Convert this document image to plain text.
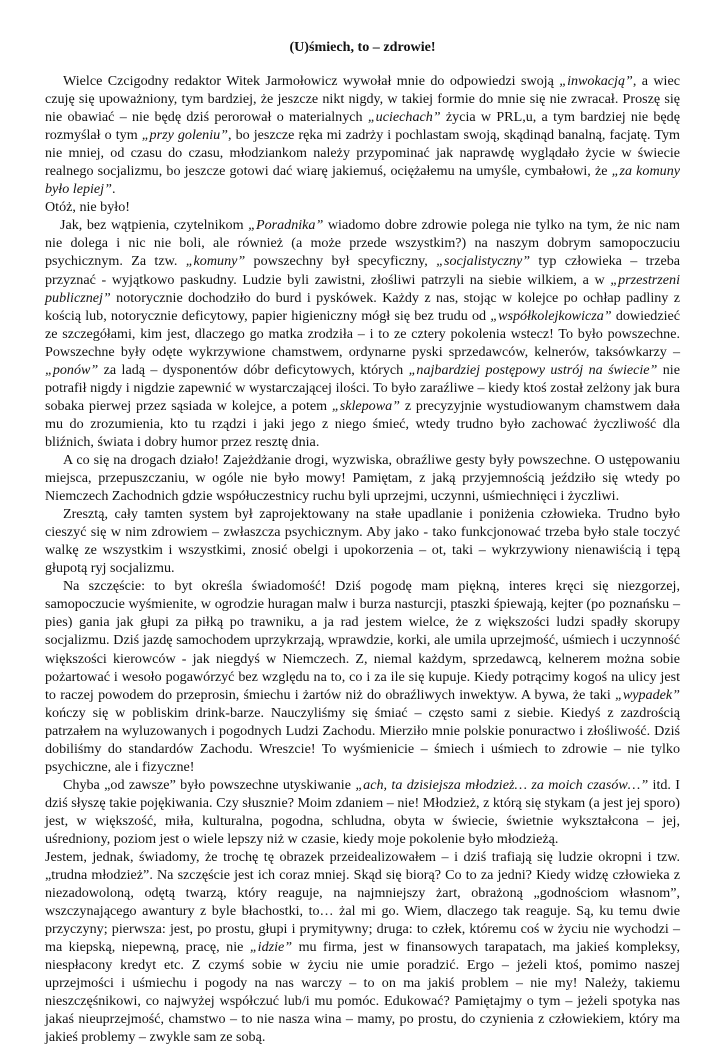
(U)śmiech, to – zdrowie!

Wielce Czcigodny redaktor Witek Jarmołowicz wywołał mnie do odpowiedzi swoją „inwokacją”, a wiec czuję się upoważniony, tym bardziej, że jeszcze nikt nigdy, w takiej formie do mnie się nie zwracał. Proszę się nie obawiać – nie będę dziś perorował o materialnych „uciechach” życia w PRL,u, a tym bardziej nie będę rozmyślał o tym „przy goleniu”, bo jeszcze ręka mi zadrży i pochlastam swoją, skądinąd banalną, facjatę. Tym nie mniej, od czasu do czasu, młodziankom należy przypominać jak naprawdę wyglądało życie w świecie realnego socjalizmu, bo jeszcze gotowi dać wiarę jakiemuś, ociężałemu na umyśle, cymbałowi, że „za komuny było lepiej”.

Otóż, nie było!

Jak, bez wątpienia, czytelnikom „Poradnika” wiadomo dobre zdrowie polega nie tylko na tym, że nic nam nie dolega i nic nie boli, ale również (a może przede wszystkim?) na naszym dobrym samopoczuciu psychicznym. Za tzw. „komuny” powszechny był specyficzny, „socjalistyczny” typ człowieka – trzeba przyznać - wyjątkowo paskudny. Ludzie byli zawistni, złośliwi patrzyli na siebie wilkiem, a w „przestrzeni publicznej” notorycznie dochodziło do burd i pyskówek. Każdy z nas, stojąc w kolejce po ochłap padliny z kością lub, notorycznie deficytowy, papier higieniczny mógł się bez trudu od „współkolejkowicza” dowiedzieć ze szczegółami, kim jest, dlaczego go matka zrodziła – i to ze cztery pokolenia wstecz! To było powszechne. Powszechne były odęte wykrzywione chamstwem, ordynarne pyski sprzedawców, kelnerów, taksówkarzy – „ponów” za ladą – dysponentów dóbr deficytowych, których „najbardziej postępowy ustrój na świecie” nie potrafił nigdy i nigdzie zapewnić w wystarczającej ilości. To było zaraźliwe – kiedy ktoś został zelżony jak bura sobaka pierwej przez sąsiada w kolejce, a potem „sklepowa” z precyzyjnie wystudiowanym chamstwem dała mu do zrozumienia, kto tu rządzi i jaki jego z niego śmieć, wtedy trudno było zachować życzliwość dla bliźnich, świata i dobry humor przez resztę dnia.

A co się na drogach działo! Zajeżdżanie drogi, wyzwiska, obraźliwe gesty były powszechne. O ustępowaniu miejsca, przepuszczaniu, w ogóle nie było mowy! Pamiętam, z jaką przyjemnością jeździło się wtedy po Niemczech Zachodnich gdzie współuczestnicy ruchu byli uprzejmi, uczynni, uśmiechnięci i życzliwi.

Zresztą, cały tamten system był zaprojektowany na stałe upadlanie i poniżenia człowieka. Trudno było cieszyć się w nim zdrowiem – zwłaszcza psychicznym. Aby jako - tako funkcjonować trzeba było stale toczyć walkę ze wszystkim i wszystkimi, znosić obelgi i upokorzenia – ot, taki – wykrzywiony nienawiścią i tępą głupotą ryj socjalizmu.

Na szczęście: to byt określa świadomość! Dziś pogodę mam piękną, interes kręci się niezgorzej, samopoczucie wyśmienite, w ogrodzie huragan malw i burza nasturcji, ptaszki śpiewają, kejter (po poznańsku – pies) gania jak głupi za piłką po trawniku, a ja rad jestem wielce, że z większości ludzi spadły skorupy socjalizmu. Dziś jazdę samochodem uprzykrzają, wprawdzie, korki, ale umila uprzejmość, uśmiech i uczynność większości kierowców - jak niegdyś w Niemczech. Z, niemal każdym, sprzedawcą, kelnerem można sobie pożartować i wesoło pogawórzyć bez względu na to, co i za ile się kupuje. Kiedy potrącimy kogoś na ulicy jest to raczej powodem do przeprosin, śmiechu i żartów niż do obraźliwych inwektyw. A bywa, że taki „wypadek” kończy się w pobliskim drink-barze. Nauczyliśmy się śmiać – często sami z siebie. Kiedyś z zazdrością patrzałem na wyluzowanych i pogodnych Ludzi Zachodu. Mierziło mnie polskie ponuractwo i złośliwość. Dziś dobiliśmy do standardów Zachodu. Wreszcie! To wyśmienicie – śmiech i uśmiech to zdrowie – nie tylko psychiczne, ale i fizyczne!

Chyba „od zawsze” było powszechne utyskiwanie „ach, ta dzisiejsza młodzież… za moich czasów…” itd. I dziś słyszę takie pojękiwania. Czy słusznie? Moim zdaniem – nie! Młodzież, z którą się stykam (a jest jej sporo) jest, w większość, miła, kulturalna, pogodna, schludna, obyta w świecie, świetnie wykształcona – jej, uśredniony, poziom jest o wiele lepszy niż w czasie, kiedy moje pokolenie było młodzieżą.

Jestem, jednak, świadomy, że trochę tę obrazek przeidealizowałem – i dziś trafiają się ludzie okropni i tzw. „trudna młodzież”. Na szczęście jest ich coraz mniej. Skąd się biorą? Co to za jedni? Kiedy widzę człowieka z niezadowoloną, odętą twarzą, który reaguje, na najmniejszy żart, obrażoną „godnościom własnom”, wszczynającego awantury z byle błachostki, to… żal mi go. Wiem, dlaczego tak reaguje. Są, ku temu dwie przyczyny; pierwsza: jest, po prostu, głupi i prymitywny; druga: to człek, któremu coś w życiu nie wychodzi – ma kiepską, niepewną, pracę, nie „idzie” mu firma, jest w finansowych tarapatach, ma jakieś kompleksy, niespłacony kredyt etc. Z czymś sobie w życiu nie umie poradzić. Ergo – jeżeli ktoś, pomimo naszej uprzejmości i uśmiechu i pogody na nas warczy – to on ma jakiś problem – nie my! Należy, takiemu nieszczęśnikowi, co najwyżej współczuć lub/i mu pomóc. Edukować? Pamiętajmy o tym – jeżeli spotyka nas jakaś nieuprzejmość, chamstwo – to nie nasza wina – mamy, po prostu, do czynienia z człowiekiem, który ma jakieś problemy – zwykle sam ze sobą.
